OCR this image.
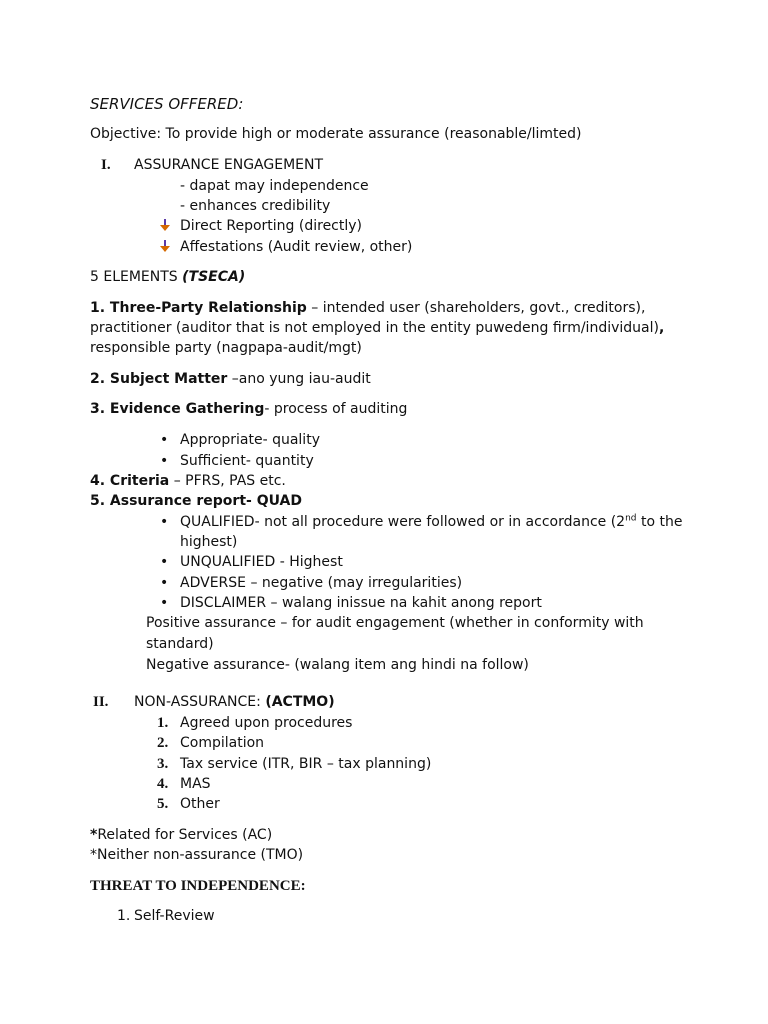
SERVICES OFFERED:
Objective: To provide high or moderate assurance (reasonable/limted)
I. ASSURANCE ENGAGEMENT
- dapat may independence
- enhances credibility
Direct Reporting (directly)
Affestations (Audit review, other)
5 ELEMENTS (TSECA)
1. Three-Party Relationship – intended user (shareholders, govt., creditors),
practitioner (auditor that is not employed in the entity puwedeng firm/individual),
responsible party (nagpapa-audit/mgt)
2. Subject Matter –ano yung iau-audit
3. Evidence Gathering- process of auditing
• Appropriate- quality
• Sufficient- quantity
4. Criteria – PFRS, PAS etc.
5. Assurance report- QUAD
• QUALIFIED- not all procedure were followed or in accordance (2nd to the
highest)
• UNQUALIFIED - Highest
• ADVERSE – negative (may irregularities)
• DISCLAIMER – walang inissue na kahit anong report
Positive assurance – for audit engagement (whether in conformity with
standard)
Negative assurance- (walang item ang hindi na follow)
II. NON-ASSURANCE: (ACTMO)
1. Agreed upon procedures
2. Compilation
3. Tax service (ITR, BIR – tax planning)
4. MAS
5. Other
*Related for Services (AC)
*Neither non-assurance (TMO)
THREAT TO INDEPENDENCE:
1. Self-Review
